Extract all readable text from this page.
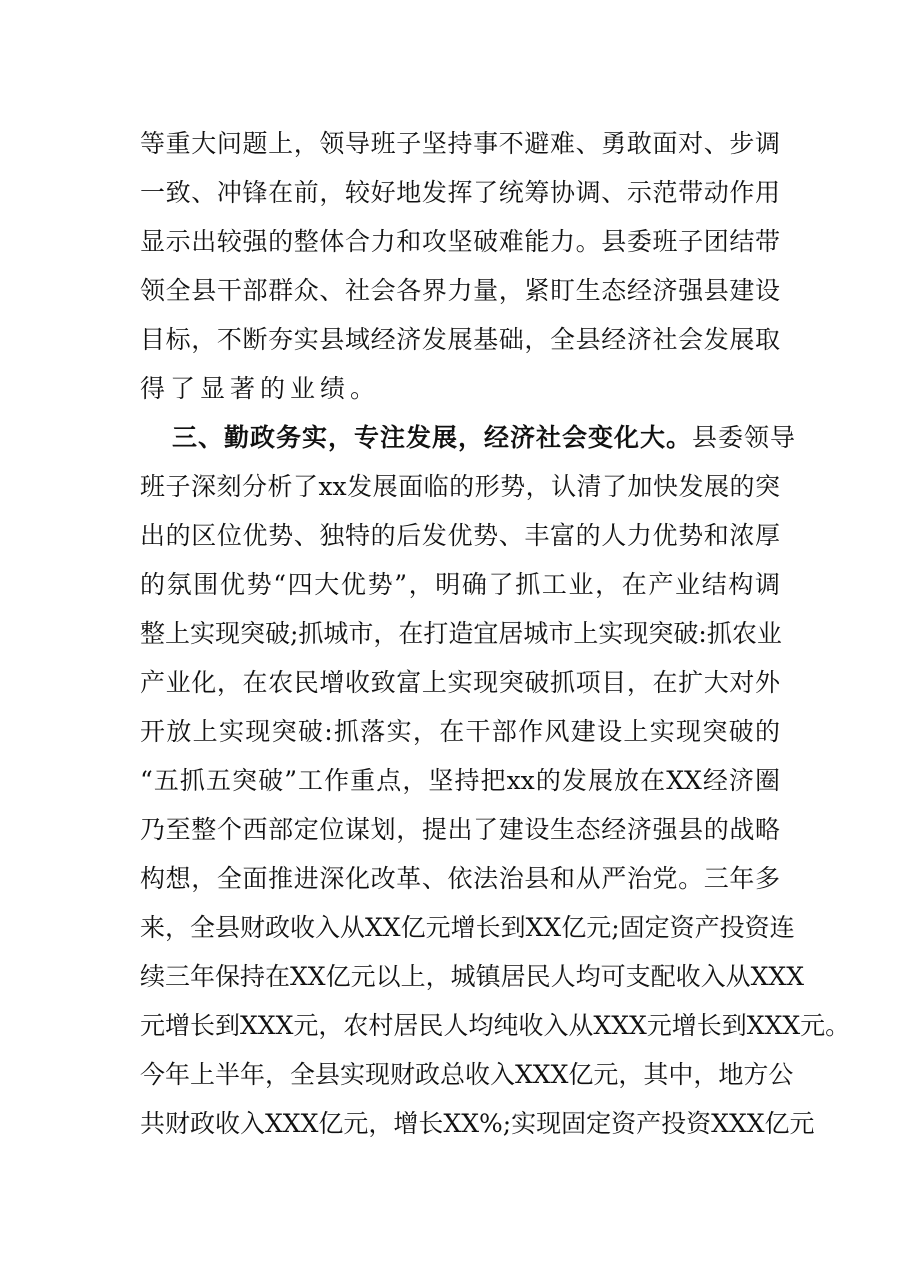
等重大问题上，领导班子坚持事不避难、勇敢面对、步调
一致、冲锋在前，较好地发挥了统筹协调、示范带动作用
显示出较强的整体合力和攻坚破难能力。县委班子团结带
领全县干部群众、社会各界力量，紧盯生态经济强县建设
目标，不断夯实县域经济发展基础，全县经济社会发展取
得了显著的业绩。
三、勤政务实，专注发展，经济社会变化大。县委领导
班子深刻分析了xx发展面临的形势，认清了加快发展的突
出的区位优势、独特的后发优势、丰富的人力优势和浓厚
的氛围优势“四大优势”，明确了抓工业，在产业结构调
整上实现突破;抓城市，在打造宜居城市上实现突破:抓农业
产业化，在农民增收致富上实现突破抓项目，在扩大对外
开放上实现突破:抓落实，在干部作风建设上实现突破的
“五抓五突破”工作重点，坚持把xx的发展放在XX经济圈
乃至整个西部定位谋划，提出了建设生态经济强县的战略
构想，全面推进深化改革、依法治县和从严治党。三年多
来，全县财政收入从XX亿元增长到XX亿元;固定资产投资连
续三年保持在XX亿元以上，城镇居民人均可支配收入从XXX
元增长到XXX元，农村居民人均纯收入从XXX元增长到XXX元。
今年上半年，全县实现财政总收入XXX亿元，其中，地方公
共财政收入XXX亿元，增长XX%;实现固定资产投资XXX亿元
